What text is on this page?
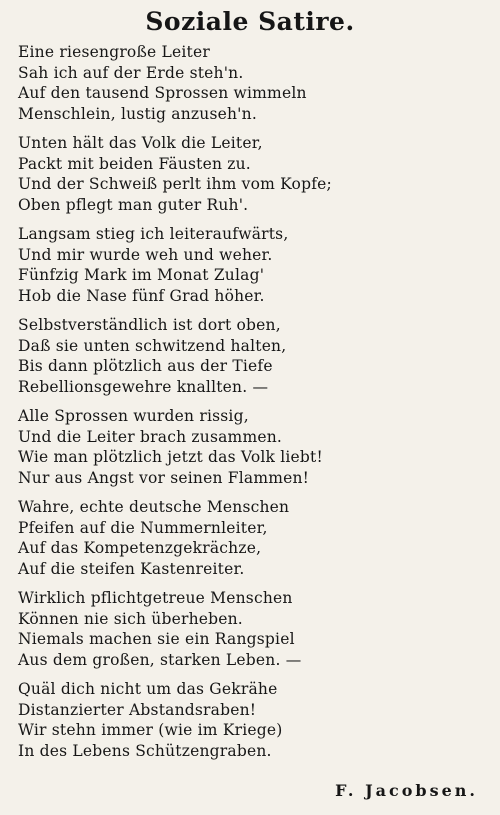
Soziale Satire.
Eine riesengroße Leiter
Sah ich auf der Erde steh'n.
Auf den tausend Sprossen wimmeln
Menschlein, lustig anzuseh'n.
Unten hält das Volk die Leiter,
Packt mit beiden Fäusten zu.
Und der Schweiß perlt ihm vom Kopfe;
Oben pflegt man guter Ruh'.
Langsam stieg ich leiteraufwärts,
Und mir wurde weh und weher.
Fünfzig Mark im Monat Zulag'
Hob die Nase fünf Grad höher.
Selbstverständlich ist dort oben,
Daß sie unten schwitzend halten,
Bis dann plötzlich aus der Tiefe
Rebellionsgewehre knallten. —
Alle Sprossen wurden rissig,
Und die Leiter brach zusammen.
Wie man plötzlich jetzt das Volk liebt!
Nur aus Angst vor seinen Flammen!
Wahre, echte deutsche Menschen
Pfeifen auf die Nummernleiter,
Auf das Kompetenzgekrächze,
Auf die steifen Kastenreiter.
Wirklich pflichtgetreue Menschen
Können nie sich überheben.
Niemals machen sie ein Rangspiel
Aus dem großen, starken Leben. —
Quäl dich nicht um das Gekrähe
Distanzierter Abstandsraben!
Wir stehn immer (wie im Kriege)
In des Lebens Schützengraben.
F. Jacobsen.
